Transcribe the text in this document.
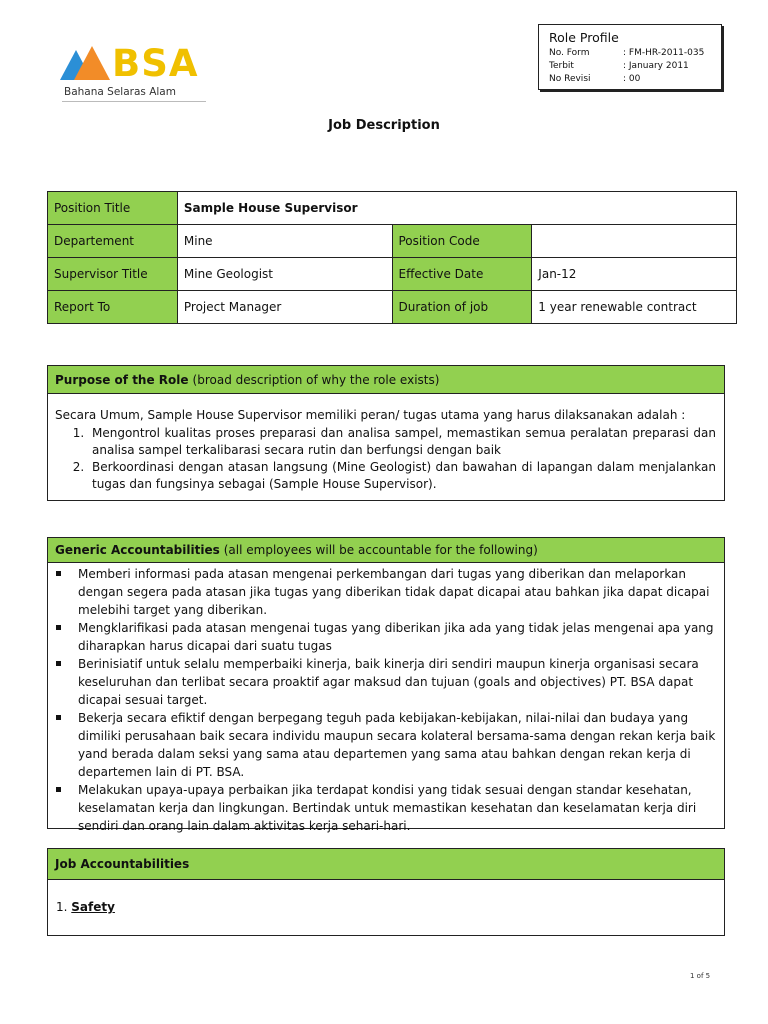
BSA
Bahana Selaras Alam
Role Profile
No. Form	: FM-HR-2011-035
Terbit	: January 2011
No Revisi	: 00
Job Description
Position Title	Sample House Supervisor		
Departement	Mine	Position Code	
Supervisor Title	Mine Geologist	Effective Date	Jan-12
Report To	Project Manager	Duration of job	1 year renewable contract
Purpose of the Role (broad description of why the role exists)

Secara Umum, Sample House Supervisor memiliki peran/ tugas utama yang harus dilaksanakan adalah :

1. Mengontrol kualitas proses preparasi dan analisa sampel, memastikan semua peralatan preparasi dan analisa sampel terkalibarasi secara rutin dan berfungsi dengan baik
2. Berkoordinasi dengan atasan langsung (Mine Geologist) dan bawahan di lapangan dalam menjalankan tugas dan fungsinya sebagai (Sample House Supervisor).
Generic Accountabilities (all employees will be accountable for the following)
Memberi informasi pada atasan mengenai perkembangan dari tugas yang diberikan dan melaporkan dengan segera pada atasan jika tugas yang diberikan tidak dapat dicapai atau bahkan jika dapat dicapai melebihi target yang diberikan.
Mengklarifikasi pada atasan mengenai tugas yang diberikan jika ada yang tidak jelas mengenai apa yang diharapkan harus dicapai dari suatu tugas
Berinisiatif untuk selalu memperbaiki kinerja, baik kinerja diri sendiri maupun kinerja organisasi secara keseluruhan dan terlibat secara proaktif agar maksud dan tujuan (goals and objectives) PT. BSA dapat dicapai sesuai target.
Bekerja secara efiktif dengan berpegang teguh pada kebijakan-kebijakan, nilai-nilai dan budaya yang dimiliki perusahaan baik secara individu maupun secara kolateral bersama-sama dengan rekan kerja baik yand berada dalam seksi yang sama atau departemen yang sama atau bahkan dengan rekan kerja di departemen lain di PT. BSA.
Melakukan upaya-upaya perbaikan jika terdapat kondisi yang tidak sesuai dengan standar kesehatan, keselamatan kerja dan lingkungan. Bertindak untuk memastikan kesehatan dan keselamatan kerja diri sendiri dan orang lain dalam aktivitas kerja sehari-hari.
Job Accountabilities
1. Safety
1 of 5
